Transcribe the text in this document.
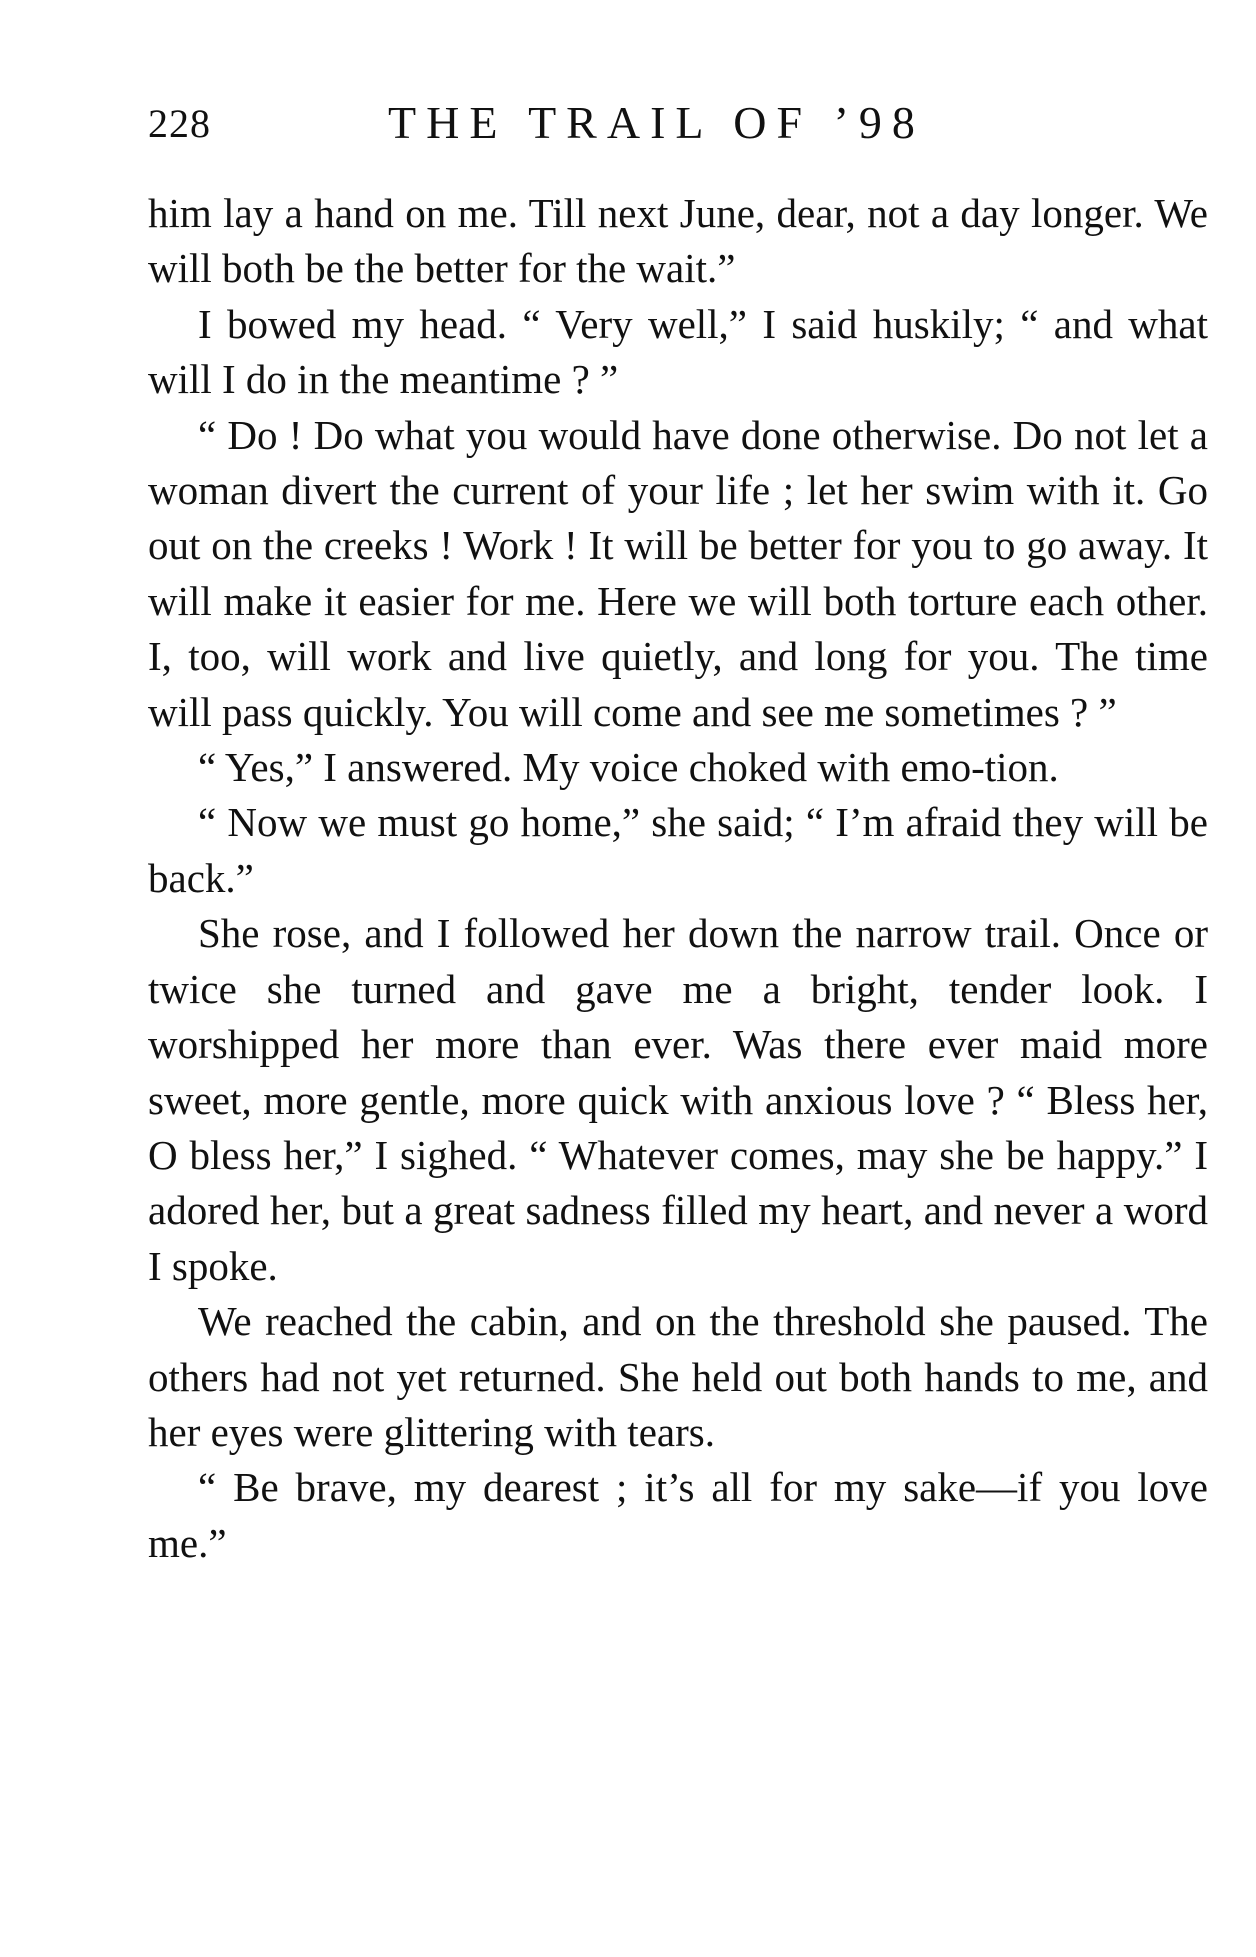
228	THE TRAIL OF ’98

him lay a hand on me. Till next June, dear, not a day longer. We will both be the better for the wait.”

I bowed my head. “ Very well,” I said huskily; “ and what will I do in the meantime ? ”

“ Do ! Do what you would have done otherwise. Do not let a woman divert the current of your life ; let her swim with it. Go out on the creeks ! Work ! It will be better for you to go away. It will make it easier for me. Here we will both torture each other. I, too, will work and live quietly, and long for you. The time will pass quickly. You will come and see me sometimes ? ”

“ Yes,” I answered. My voice choked with emo-tion.

“ Now we must go home,” she said; “ I’m afraid they will be back.”

She rose, and I followed her down the narrow trail. Once or twice she turned and gave me a bright, tender look. I worshipped her more than ever. Was there ever maid more sweet, more gentle, more quick with anxious love ? “ Bless her, O bless her,” I sighed. “ Whatever comes, may she be happy.” I adored her, but a great sadness filled my heart, and never a word I spoke.

We reached the cabin, and on the threshold she paused. The others had not yet returned. She held out both hands to me, and her eyes were glittering with tears.

“ Be brave, my dearest ; it’s all for my sake—if you love me.”
